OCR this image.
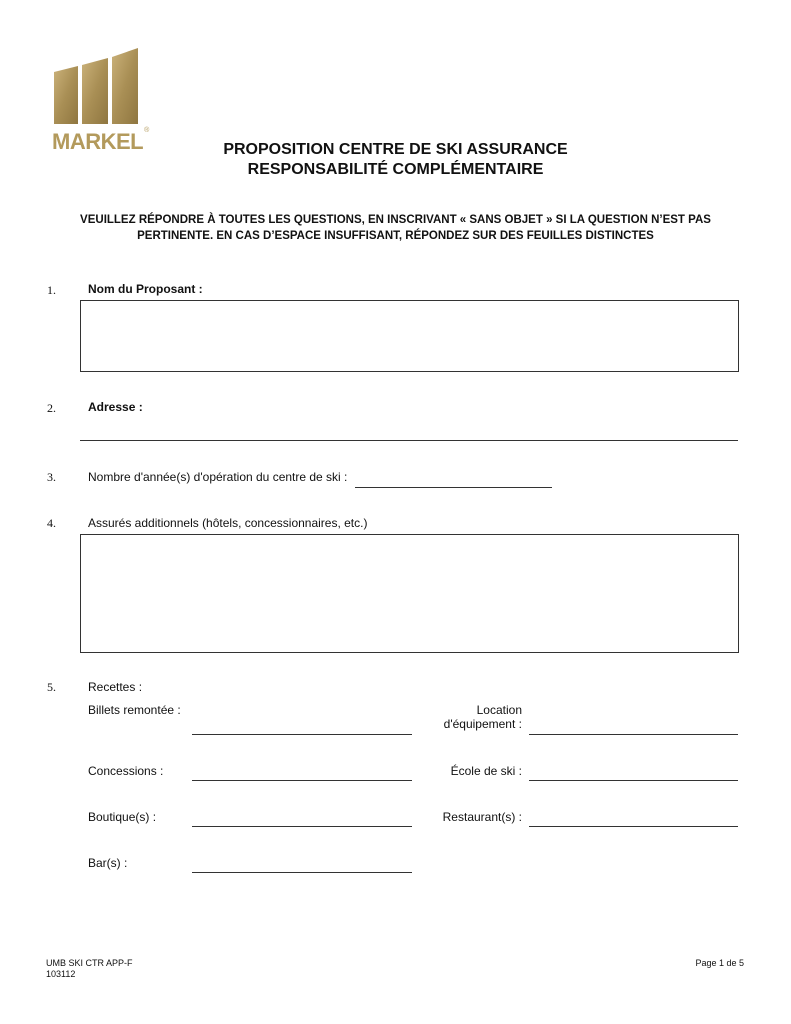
MARKEL®
PROPOSITION CENTRE DE SKI ASSURANCE
RESPONSABILITÉ COMPLÉMENTAIRE
VEUILLEZ RÉPONDRE À TOUTES LES QUESTIONS, EN INSCRIVANT « SANS OBJET » SI LA QUESTION N’EST PAS
PERTINENTE. EN CAS D’ESPACE INSUFFISANT, RÉPONDEZ SUR DES FEUILLES DISTINCTES
1.	Nom du Proposant :
2.	Adresse :
3.	Nombre d'année(s) d'opération du centre de ski :
4.	Assurés additionnels (hôtels, concessionnaires, etc.)
5.	Recettes :
Billets remontée :	Location
d'équipement :
Concessions :	École de ski :
Boutique(s) :	Restaurant(s) :
Bar(s) :
UMB SKI CTR APP-F
103112
Page 1 de 5
